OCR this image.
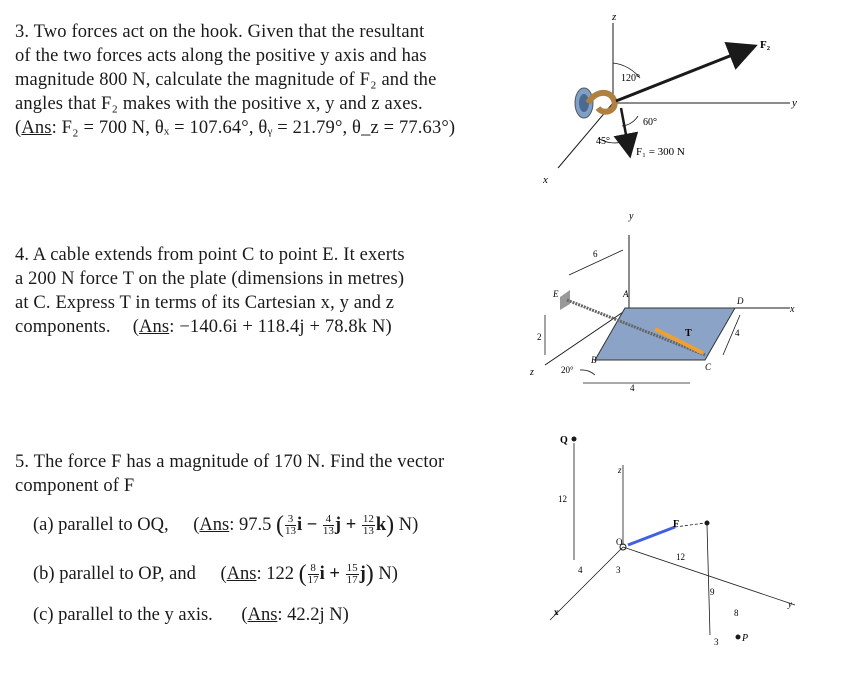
3. Two forces act on the hook. Given that the resultant

of the two forces acts along the positive y axis and has

magnitude 800 N, calculate the magnitude of F₂ and the

angles that F₂ makes with the positive x, y and z axes.

(Ans: F₂ = 700 N, θₓ = 107.64°, θᵧ = 21.79°, θ_z = 77.63°)

4. A cable extends from point C to point E. It exerts

a 200 N force T on the plate (dimensions in metres)

at C. Express T in terms of its Cartesian x, y and z

components. (Ans: −140.6i + 118.4j + 78.8k N)

5. The force F has a magnitude of 170 N. Find the vector

component of F

(a) parallel to OQ, (Ans: 97.5 ( $\frac{3}{13}$ $i - \frac{4}{13}$ $j + \frac{12}{13} k$) N)
(b) parallel to OP, and (Ans: 122 ( $\frac{8}{17}$ $i + \frac{15}{17} j$) N)
(c) parallel to the y axis. (Ans: 42.2j N)
z
y
x
F₂
120°
60°
45°
F₁ = 300 N
y
x
z
E	A
B
C
D
T
6
2	4
4
20°
Q
12
z
O
x
y
F
12
4	3
9
8
P
3
